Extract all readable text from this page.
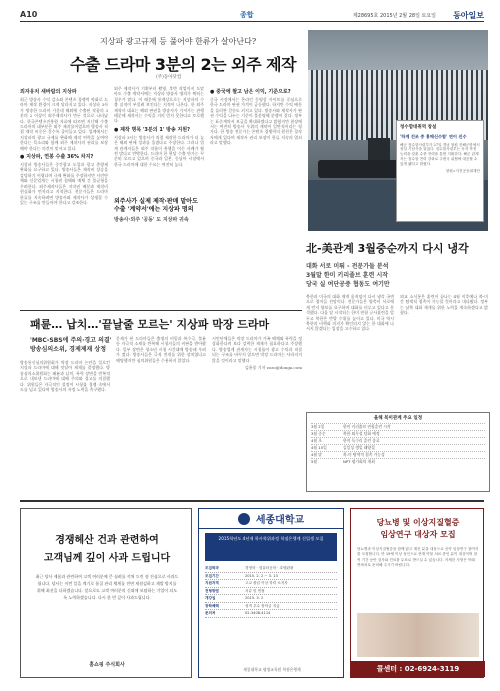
A10	종합	제28695호 2015년 2월 28일 토요일 동아일보
지상파 광고규제 등 풀어야 한류가 살아난다?
수출 드라마 3분의 2는 외주 제작
(주)동아닷컴
외자유치 새바람의 지상파
최근 방송사 수익 감소와 콘텐츠 경쟁력 약화로 드라마 제작 환경이 크게 달라지고 있다. 지상파 3사가 방송한 드라마 가운데 해외에 수출된 작품의 3분의 2 이상이 외주제작사가 만든 것으로 나타났다. 한국콘텐츠진흥원 자료에 따르면 지난해 수출 드라마의 대부분은 외주 제작물이었으며 방송사 직접 제작 비중은 갈수록 줄어들고 있다. 업계에서는 지상파의 광고 규제를 완화해 제작 여력을 높여야 한다는 목소리와 함께 외주 제작사의 권리를 보장해야 한다는 의견이 맞서고 있다.
● 지상파, 연봉 수출 36% 차지?
지상파 방송사들은 중간광고 도입과 광고 총량제 완화를 요구하고 있다. 방송사들은 제작비 상승을 감당하기 어렵다며 규제 완화를 주장하지만 시민단체와 신문업계는 시청권 침해와 매체 간 불균형을 우려한다. 외주제작사들은 저작권 배분과 제작비 현실화가 먼저라고 지적한다. 전문가들은 드라마 한류를 지속하려면 방송사와 제작사가 상생할 수 있는 구조를 만들어야 한다고 강조한다.
외주 제작사가 기획부터 촬영, 후반 작업까지 도맡아도 수출 계약서에는 지상파 방송사 명의가 찍히는 경우가 많다. 이 때문에 통계상으로는 지상파의 수출 실적이 부풀려 보인다는 지적이 나온다. 한 외주제작사 대표는 해외 판권을 방송사가 가져가는 관행 때문에 제작사는 수익을 거의 얻지 못한다고 토로했다.
● 제작 명목 '3분의 1' 방송 지원?
지상파 3사는 방송사가 직접 제작한 드라마가 더 높은 해외 판매 성과를 올렸다고 주장한다. 그러나 업계 관계자들은 외주 작품이 흥행을 이끈 사례가 훨씬 많다고 반박한다. 드라마 한 편당 수출 단가는 꾸준히 오르고 있으며 중국과 일본, 동남아 시장에서 한국 드라마에 대한 수요는 여전히 높다.
● 중국에 팔고 남은 이익, 기준으로?
중국 시장에서는 온라인 동영상 사이트를 중심으로 한국 드라마 판권 가격이 급등했다. 하지만 수익 배분을 둘러싼 갈등도 커지고 있다. 방송사와 제작사가 판권 수익을 나누는 기준이 불분명해 분쟁이 잦다. 정부는 표준계약서 보급을 확대하겠다고 밝혔지만 현장에서는 여전히 방송사 우위의 계약이 일반적이라는 평가다. 한 방송 전문가는 콘텐츠 경쟁력의 원천은 창작자에게 있다며 제작사 권리 보장이 한류 지속의 열쇠라고 말했다.
외주사가 실제 제작·판매 맡아도 수출 '계약서'에는 지상파 명의
방송사·외주 '공동' 도 지상파 귀속
청수함대취역 창설
'하계 건조 중 홍해신수함' 연이 진수
해군 잠수함사령부가 27일 경남 창원 진해군항에서 창설 기념식을 열었다. 잠수함사령부는 독자 작전 능력을 갖춘 수중 전력을 통합 지휘한다. 해군 관계자는 잠수함 전력 강화로 주변국 위협에 대응할 수 있게 됐다고 밝혔다.
창원=사진공동취재단
北-美관계 3월중순까지 다시 냉각
대화 서로 미뤄 - 전문가들 분석
3월말 한미 키리졸브 훈련 시작
당국 실 여단공중 협동도 여기만
북한과 미국의 대화 재개 움직임이 다시 냉각 국면으로 접어들 전망이다. 전문가들은 양측이 서로에게 먼저 양보를 요구하며 대화를 미루고 있다고 분석했다. 다음 달 시작되는 한미 연합 군사훈련을 앞두고 북한은 반발 수위를 높이고 있다. 미국 역시 북한의 비핵화 의지가 확인되지 않는 한 대화에 나서지 않겠다는 입장을 고수하고 있다.
외교 소식통은 훈련이 끝나는 4월 이후에나 북-미 간 탐색적 접촉이 가능할 것이라고 내다봤다. 정부는 남북 대화 재개를 위한 노력을 계속하겠다고 밝혔다.
패륜… 납치…'끝날줄 모르는' 지상파 막장 드라마
'MBC-SBS에 주의·경고 의결'
방송심의소위, 경제제재 상정
방송통신심의위원회가 막장 드라마 논란을 일으킨 지상파 드라마에 대해 잇달아 제재를 결정했다. 방송심의소위원회는 패륜과 납치, 폭력 장면을 반복적으로 내보낸 드라마에 대해 주의와 경고를 의결했다. 위원들은 자극적인 설정이 시청률 경쟁 속에서 도를 넘고 있다며 방송사의 자정 노력을 촉구했다.
문제가 된 드라마들은 출생의 비밀과 복수극, 불륜 등 자극적 소재를 반복해 시청자들의 비판을 받아왔다. 일부 장면은 청소년 시청 시간대에 방송돼 우려가 컸다. 방송사들은 극적 전개를 위한 장치였다고 해명했지만 심의위원들은 수용하지 않았다.
시민단체들은 막장 드라마가 가족 해체와 폭력을 정상화한다며 보다 강력한 제재가 필요하다고 주장했다. 방송업계 관계자는 시청률이 광고 수익과 직결되는 구조를 바꾸지 않으면 막장 드라마는 사라지지 않을 것이라고 말했다.
김윤종 기자 zozo@donga.com
올해 북미관계 주요 일정
3월 2일	한미 키리졸브 연합훈련 시작
3월 중순	북한 외무성 담화 예정
4월 초	한미 독수리 훈련 종료
4월 15일	김일성 생일 태양절
4월 말	북-미 탐색적 접촉 가능성
5월	NPT 평가회의 개최
경쟁헤산 건과 관련하여
고객님께 깊이 사과 드립니다
최근 당사 제품과 관련하여 고객 여러분께 큰 심려를 끼쳐 드린 점 진심으로 사과드립니다. 당사는 이번 일을 계기로 품질 관리 체계를 전면 재점검하고 재발 방지를 위해 최선을 다하겠습니다. 앞으로도 고객 여러분의 신뢰에 보답하는 기업이 되도록 노력하겠습니다. 다시 한 번 깊이 사과드립니다.
홈쇼핑 주식회사
세종대학교
2015학년도 4년제 학사학위과정 학점은행제 신입생 모집
모집학과	경영학 · 컴퓨터공학 · 호텔관광
모집기간	2015. 2. 2 ~ 3. 13
지원자격	고교 졸업 이상 학력 소지자
전형방법	서류 및 면접
개강일	2015. 3. 2
장학혜택	성적 우수 장학금 지급
문의처	02-3408-4114
세종대학교 평생교육원 학점은행제
당뇨병 및 이상지질혈증
임상연구 대상자 모집
당뇨병과 이상지질혈증을 함께 앓고 계신 분을 대상으로 신약 임상연구 참여자를 모집합니다. 만 19세 이상 성인으로 현재 약물 치료 중인 분이 대상이며 참여 기간 동안 검사와 진료를 무료로 받으실 수 있습니다. 자세한 사항은 아래 연락처로 문의해 주시기 바랍니다.
콜센터 : 02-6924-3119
